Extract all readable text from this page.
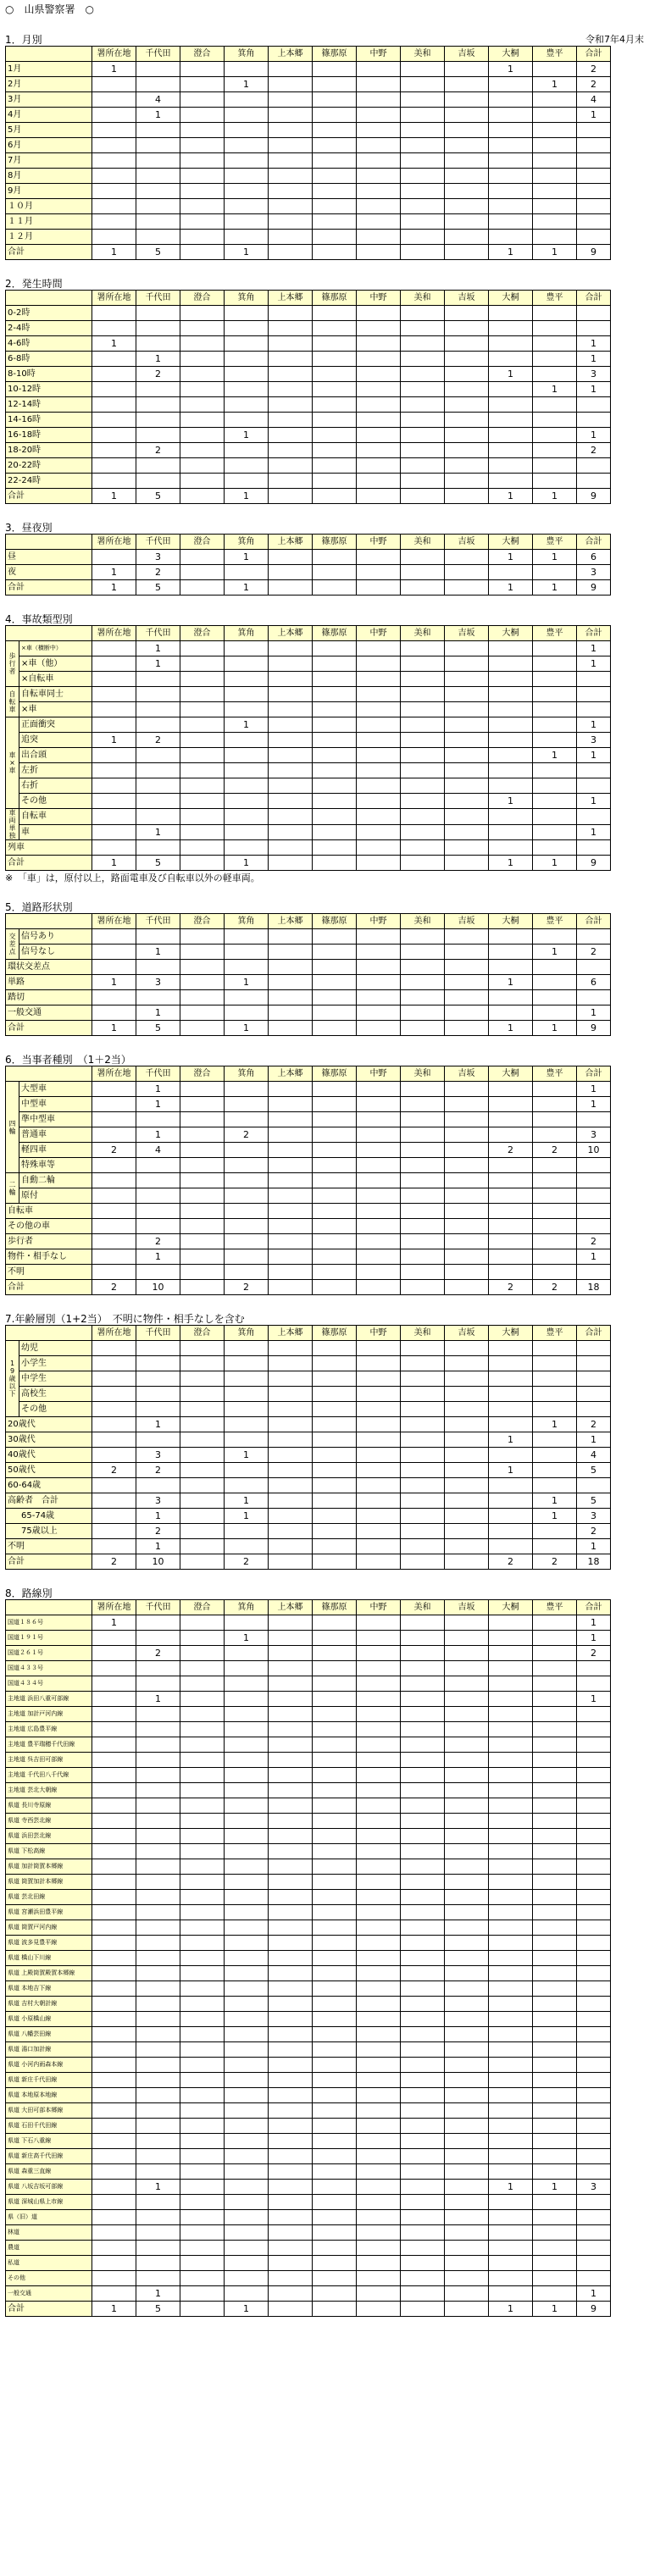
○　山県警察署　○
令和7年4月末
1．月別
	署所在地	千代田	澄合	箕角	上本郷	篠那原	中野	美和	吉坂	大桐	豊平	合計
1月	1									1		2
2月				1							1	2
3月		4										4
4月		1										1
5月												
6月												
7月												
8月												
9月												
１０月												
１１月												
１２月												
合計	1	5		1						1	1	9
2．発生時間
	署所在地	千代田	澄合	箕角	上本郷	篠那原	中野	美和	吉坂	大桐	豊平	合計
0-2時												
2-4時												
4-6時	1											1
6-8時		1										1
8-10時		2								1		3
10-12時											1	1
12-14時												
14-16時												
16-18時				1								1
18-20時		2										2
20-22時												
22-24時												
合計	1	5		1						1	1	9
3．昼夜別
	署所在地	千代田	澄合	箕角	上本郷	篠那原	中野	美和	吉坂	大桐	豊平	合計
昼		3		1						1	1	6
夜	1	2										3
合計	1	5		1						1	1	9
4．事故類型別
		署所在地	千代田	澄合	箕角	上本郷	篠那原	中野	美和	吉坂	大桐	豊平	合計
歩
行
者	×車（横断中）		1										1
	×車（他）		1										1
	×自転車												
自
転
車	自転車同士												
	×車												
車
×
車	正面衝突				1								1
	追突	1	2										3
	出合頭											1	1
	左折												
	右折												
	その他										1		1
車
両
単
独	自転車												
	車		1										1
列車													
合計		1	5		1						1	1	9
※　「車」は，原付以上，路面電車及び自転車以外の軽車両。
5．道路形状別
		署所在地	千代田	澄合	箕角	上本郷	篠那原	中野	美和	吉坂	大桐	豊平	合計
交
差
点	信号あり												
	信号なし		1									1	2
環状交差点													
単路		1	3		1						1		6
踏切													
一般交通			1										1
合計		1	5		1						1	1	9
6．当事者種別　（1＋2当）
		署所在地	千代田	澄合	箕角	上本郷	篠那原	中野	美和	吉坂	大桐	豊平	合計
四
輪	大型車		1										1
	中型車		1										1
	準中型車												
	普通車		1		2								3
	軽四車	2	4								2	2	10
	特殊車等												
二
輪	自動二輪												
	原付												
自転車													
その他の車													
歩行者			2										2
物件・相手なし			1										1
不明													
合計		2	10		2						2	2	18
7.年齢層別（1+2当）　不明に物件・相手なしを含む
		署所在地	千代田	澄合	箕角	上本郷	篠那原	中野	美和	吉坂	大桐	豊平	合計
1
9
歳
以
下	幼児												
	小学生												
	中学生												
	高校生												
	その他												
20歳代			1									1	2
30歳代											1		1
40歳代			3		1								4
50歳代		2	2								1		5
60-64歳													
高齢者　合計			3		1							1	5
65-74歳			1		1							1	3
75歳以上			2										2
不明			1										1
合計		2	10		2						2	2	18
8．路線別
	署所在地	千代田	澄合	箕角	上本郷	篠那原	中野	美和	吉坂	大桐	豊平	合計
国道１８６号	1											1
国道１９１号				1								1
国道２６１号		2										2
国道４３３号												
国道４３４号												
主地道 浜田八重可部線		1										1
主地道 加計戸河内線												
主地道 広島豊平線												
主地道 豊平瑞穂千代田線												
主地道 呉吉田可部線												
主地道 千代田八千代線												
主地道 芸北大朝線												
県道 長川寺原線												
県道 寺西芸北線												
県道 浜田芸北線												
県道 下松高線												
県道 加計筒賀本郷線												
県道 筒賀加計本郷線												
県道 芸北田線												
県道 宮瀬浜田豊平線												
県道 筒賀戸河内線												
県道 波多見豊平線												
県道 橋山下川線												
県道 上殿筒賀殿賀本郷線												
県道 本地吉下線												
県道 吉村大朝計線												
県道 小原橋山線												
県道 八幡芸田線												
県道 湯口加計線												
県道 小河内雨森本線												
県道 新庄千代田線												
県道 本地原本地線												
県道 大田可部本郷線												
県道 石田千代田線												
県道 下石八重線												
県道 新庄高千代田線												
県道 森重三直線												
県道 八坂吉坂可部線		1								1	1	3
県道 深城山県上市線												
県（旧）道												
林道												
農道												
私道												
その他												
一般交通		1										1
合計	1	5		1						1	1	9
